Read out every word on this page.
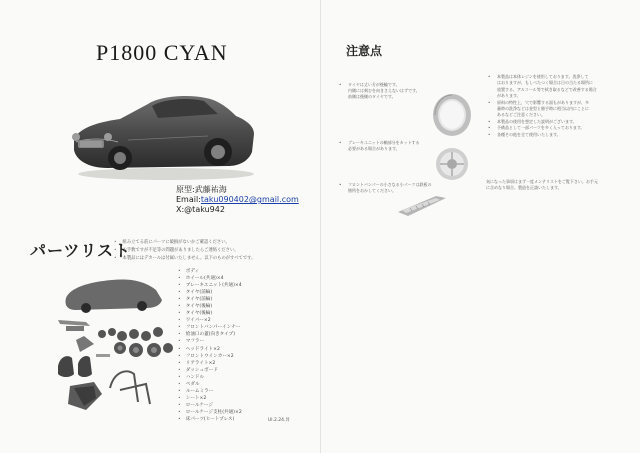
P1800 CYAN
原型:武藤祐海
Email:taku090402@gmail.com
X:@taku942
パーツリスト
• 組み立てる前にパーツに破損がないかご確認ください。
• お手数ですが不足等の問題がありましたらご連絡ください。
• 本製品にはデカールは付属いたしません。以下のものがすべてです。
• ボディ
• ホイール(共通)×4
• ブレーキユニット(共通)×4
• タイヤ(前輪)
• タイヤ(前輪)
• タイヤ(後輪)
• タイヤ(後輪)
• ワイパー×2
• フロントバンパーインナー
• 給油口の蓋(向きタイプ)
• マフラー
• ヘッドライト×2
• フロントウインカー×2
• リアライト×2
• ダッシュボード
• ハンドル
• ペダル
• ルームミラー
• シート×2
• ロールケージ
• ロールケージ支柱(共通)×2
• 床パーツ(ヒートプレス)	Ul.2.24.昇
注意点
• タイヤは丈い方が後輪です。
内側には刻むを向きさえないはずです。
前側は後側のタイヤです。
• ブレーキユニットの軸部分をカットする
必要がある場合があります。
• フロントバンパーの小さなる小パーツは鉄板の
箇所をおかしてください。
• 本製品は本体レジンを使用しております。洗浄して
はおりますが、もしべたつく場合は日の当たる場所に
放置する、アルコール等で拭き取るなどで改善する場合
があります。
• 原料の特性上、穴で影響する面もがありますが、多
量時の洗浄などは金型と勝手時に相当以内にことに
あるなどご注意ください。
• 本製品の使用を想定した説明がございます。
• 予備品として一部パーツを多く入っております。
• 各種その他を全て使用いたします。
気になった事項はまず一度メンテリストをご覧下さい。お手元
に含めなり場合、製造を正請いたします。
